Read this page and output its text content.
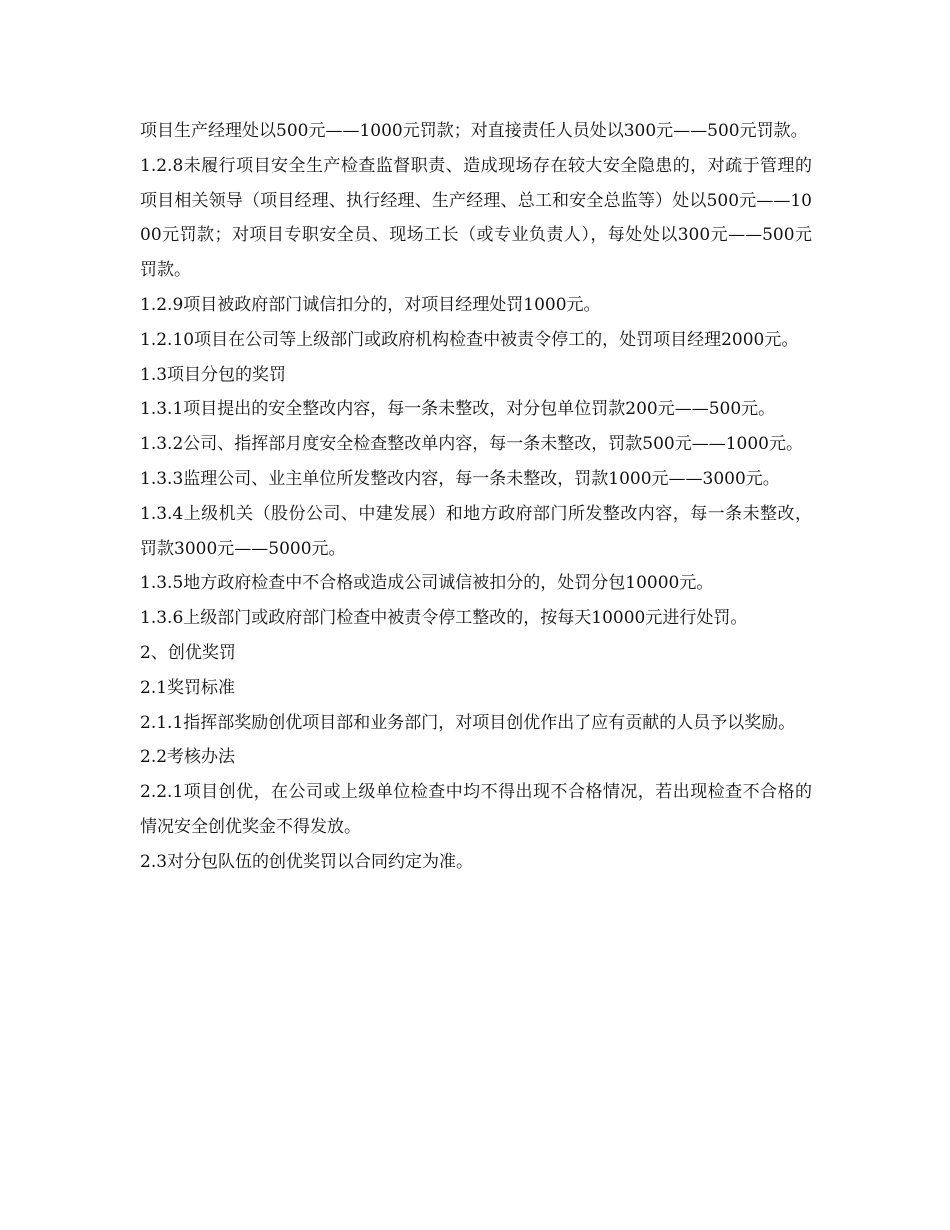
项目生产经理处以500元——1000元罚款；对直接责任人员处以300元——500元罚款。

1.2.8未履行项目安全生产检查监督职责、造成现场存在较大安全隐患的，对疏于管理的项目相关领导（项目经理、执行经理、生产经理、总工和安全总监等）处以500元——1000元罚款；对项目专职安全员、现场工长（或专业负责人），每处处以300元——500元罚款。

1.2.9项目被政府部门诚信扣分的，对项目经理处罚1000元。

1.2.10项目在公司等上级部门或政府机构检查中被责令停工的，处罚项目经理2000元。

1.3项目分包的奖罚

1.3.1项目提出的安全整改内容，每一条未整改，对分包单位罚款200元——500元。

1.3.2公司、指挥部月度安全检查整改单内容，每一条未整改，罚款500元——1000元。

1.3.3监理公司、业主单位所发整改内容，每一条未整改，罚款1000元——3000元。

1.3.4上级机关（股份公司、中建发展）和地方政府部门所发整改内容，每一条未整改，罚款3000元——5000元。

1.3.5地方政府检查中不合格或造成公司诚信被扣分的，处罚分包10000元。

1.3.6上级部门或政府部门检查中被责令停工整改的，按每天10000元进行处罚。

2、创优奖罚

2.1奖罚标准

2.1.1指挥部奖励创优项目部和业务部门，对项目创优作出了应有贡献的人员予以奖励。

2.2考核办法

2.2.1项目创优，在公司或上级单位检查中均不得出现不合格情况，若出现检查不合格的情况安全创优奖金不得发放。

2.3对分包队伍的创优奖罚以合同约定为准。
